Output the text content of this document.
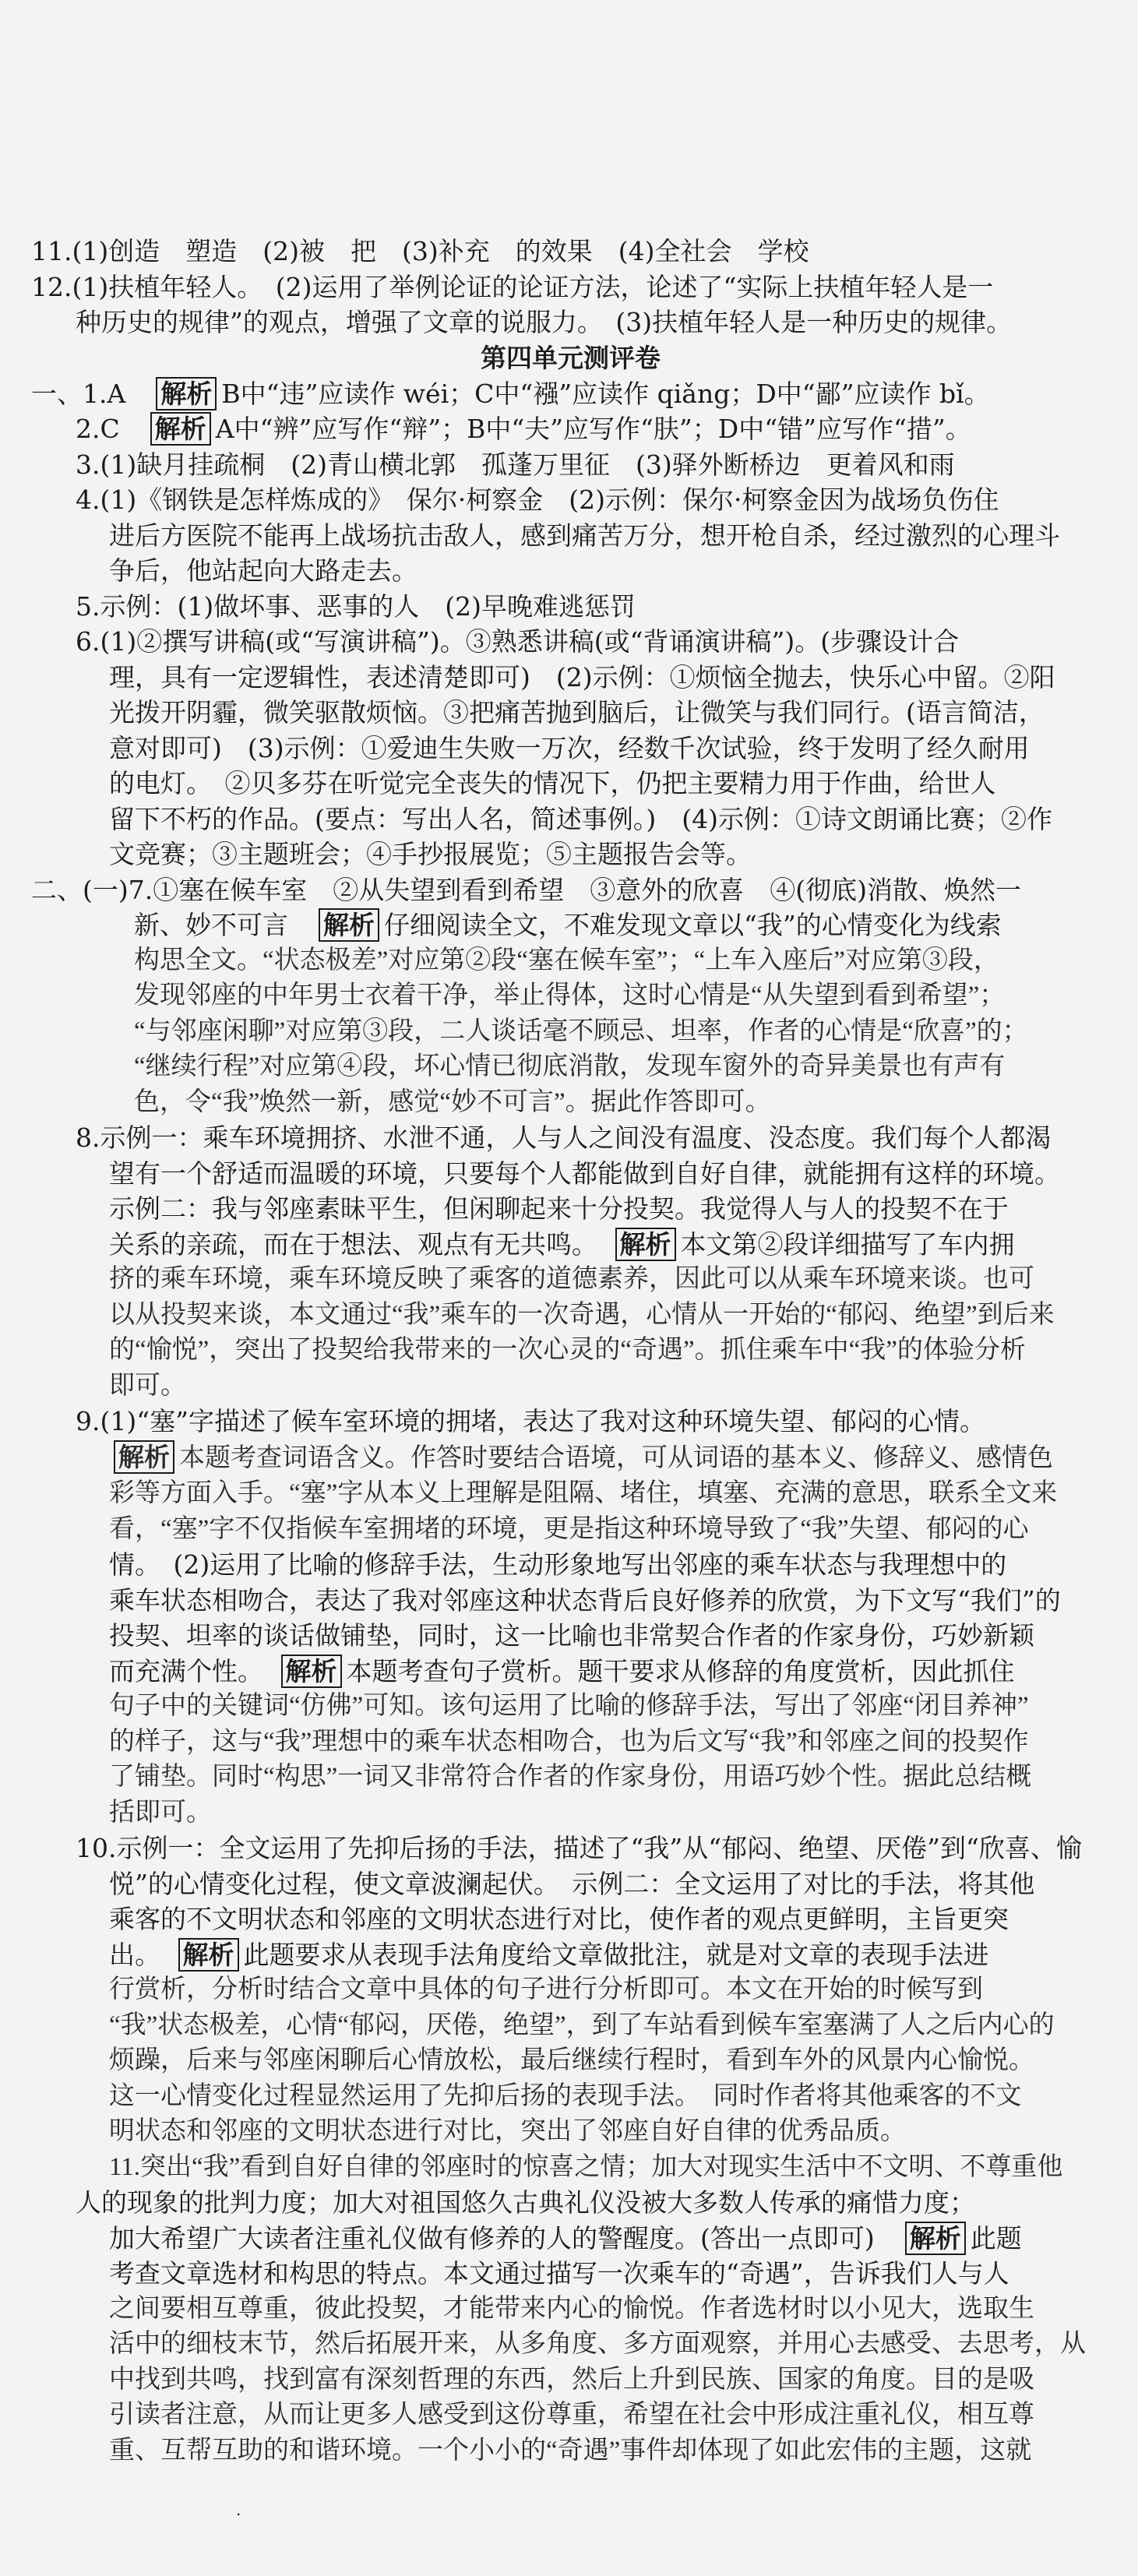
11.(1)创造　塑造　(2)被　把　(3)补充　的效果　(4)全社会　学校
12.(1)扶植年轻人。　(2)运用了举例论证的论证方法，论述了“实际上扶植年轻人是一
种历史的规律”的观点，增强了文章的说服力。　(3)扶植年轻人是一种历史的规律。
第四单元测评卷
一、1.A　解析 B中“违”应读作 wéi；C中“襁”应读作 qiǎng；D中“鄙”应读作 bǐ。
2.C　解析 A中“辨”应写作“辩”；B中“夫”应写作“肤”；D中“错”应写作“措”。
3.(1)缺月挂疏桐　(2)青山横北郭　孤蓬万里征　(3)驿外断桥边　更着风和雨
4.(1)《钢铁是怎样炼成的》　保尔·柯察金　(2)示例：保尔·柯察金因为战场负伤住
进后方医院不能再上战场抗击敌人，感到痛苦万分，想开枪自杀，经过激烈的心理斗
争后，他站起向大路走去。
5.示例：(1)做坏事、恶事的人　(2)早晚难逃惩罚
6.(1)②撰写讲稿(或“写演讲稿”)。③熟悉讲稿(或“背诵演讲稿”)。(步骤设计合
理，具有一定逻辑性，表述清楚即可)　(2)示例：①烦恼全抛去，快乐心中留。②阳
光拨开阴霾，微笑驱散烦恼。③把痛苦抛到脑后，让微笑与我们同行。(语言简洁，
意对即可)　(3)示例：①爱迪生失败一万次，经数千次试验，终于发明了经久耐用
的电灯。　②贝多芬在听觉完全丧失的情况下，仍把主要精力用于作曲，给世人
留下不朽的作品。(要点：写出人名，简述事例。)　(4)示例：①诗文朗诵比赛；②作
文竞赛；③主题班会；④手抄报展览；⑤主题报告会等。
二、(一)7.①塞在候车室　②从失望到看到希望　③意外的欣喜　④(彻底)消散、焕然一
新、妙不可言　解析 仔细阅读全文，不难发现文章以“我”的心情变化为线索
构思全文。“状态极差”对应第②段“塞在候车室”；“上车入座后”对应第③段，
发现邻座的中年男士衣着干净，举止得体，这时心情是“从失望到看到希望”；
“与邻座闲聊”对应第③段，二人谈话毫不顾忌、坦率，作者的心情是“欣喜”的；
“继续行程”对应第④段，坏心情已彻底消散，发现车窗外的奇异美景也有声有
色，令“我”焕然一新，感觉“妙不可言”。据此作答即可。
8.示例一：乘车环境拥挤、水泄不通，人与人之间没有温度、没态度。我们每个人都渴
望有一个舒适而温暖的环境，只要每个人都能做到自好自律，就能拥有这样的环境。
示例二：我与邻座素昧平生，但闲聊起来十分投契。我觉得人与人的投契不在于
关系的亲疏，而在于想法、观点有无共鸣。　解析 本文第②段详细描写了车内拥
挤的乘车环境，乘车环境反映了乘客的道德素养，因此可以从乘车环境来谈。也可
以从投契来谈，本文通过“我”乘车的一次奇遇，心情从一开始的“郁闷、绝望”到后来
的“愉悦”，突出了投契给我带来的一次心灵的“奇遇”。抓住乘车中“我”的体验分析
即可。
9.(1)“塞”字描述了候车室环境的拥堵，表达了我对这种环境失望、郁闷的心情。
解析 本题考查词语含义。作答时要结合语境，可从词语的基本义、修辞义、感情色
彩等方面入手。“塞”字从本义上理解是阻隔、堵住，填塞、充满的意思，联系全文来
看，“塞”字不仅指候车室拥堵的环境，更是指这种环境导致了“我”失望、郁闷的心
情。　(2)运用了比喻的修辞手法，生动形象地写出邻座的乘车状态与我理想中的
乘车状态相吻合，表达了我对邻座这种状态背后良好修养的欣赏，为下文写“我们”的
投契、坦率的谈话做铺垫，同时，这一比喻也非常契合作者的作家身份，巧妙新颖
而充满个性。　解析 本题考查句子赏析。题干要求从修辞的角度赏析，因此抓住
句子中的关键词“仿佛”可知。该句运用了比喻的修辞手法，写出了邻座“闭目养神”
的样子，这与“我”理想中的乘车状态相吻合，也为后文写“我”和邻座之间的投契作
了铺垫。同时“构思”一词又非常符合作者的作家身份，用语巧妙个性。据此总结概
括即可。
10.示例一：全文运用了先抑后扬的手法，描述了“我”从“郁闷、绝望、厌倦”到“欣喜、愉
悦”的心情变化过程，使文章波澜起伏。　示例二：全文运用了对比的手法，将其他
乘客的不文明状态和邻座的文明状态进行对比，使作者的观点更鲜明，主旨更突
出。　解析 此题要求从表现手法角度给文章做批注，就是对文章的表现手法进
行赏析，分析时结合文章中具体的句子进行分析即可。本文在开始的时候写到
“我”状态极差，心情“郁闷，厌倦，绝望”，到了车站看到候车室塞满了人之后内心的
烦躁，后来与邻座闲聊后心情放松，最后继续行程时，看到车外的风景内心愉悦。
这一心情变化过程显然运用了先抑后扬的表现手法。　同时作者将其他乘客的不文
明状态和邻座的文明状态进行对比，突出了邻座自好自律的优秀品质。
11.突出“我”看到自好自律的邻座时的惊喜之情；加大对现实生活中不文明、不尊重他
人的现象的批判力度；加大对祖国悠久古典礼仪没被大多数人传承的痛惜力度；
加大希望广大读者注重礼仪做有修养的人的警醒度。(答出一点即可)　解析 此题
考查文章选材和构思的特点。本文通过描写一次乘车的“奇遇”，告诉我们人与人
之间要相互尊重，彼此投契，才能带来内心的愉悦。作者选材时以小见大，选取生
活中的细枝末节，然后拓展开来，从多角度、多方面观察，并用心去感受、去思考，从
中找到共鸣，找到富有深刻哲理的东西，然后上升到民族、国家的角度。目的是吸
引读者注意，从而让更多人感受到这份尊重，希望在社会中形成注重礼仪，相互尊
重、互帮互助的和谐环境。一个小小的“奇遇”事件却体现了如此宏伟的主题，这就
.
